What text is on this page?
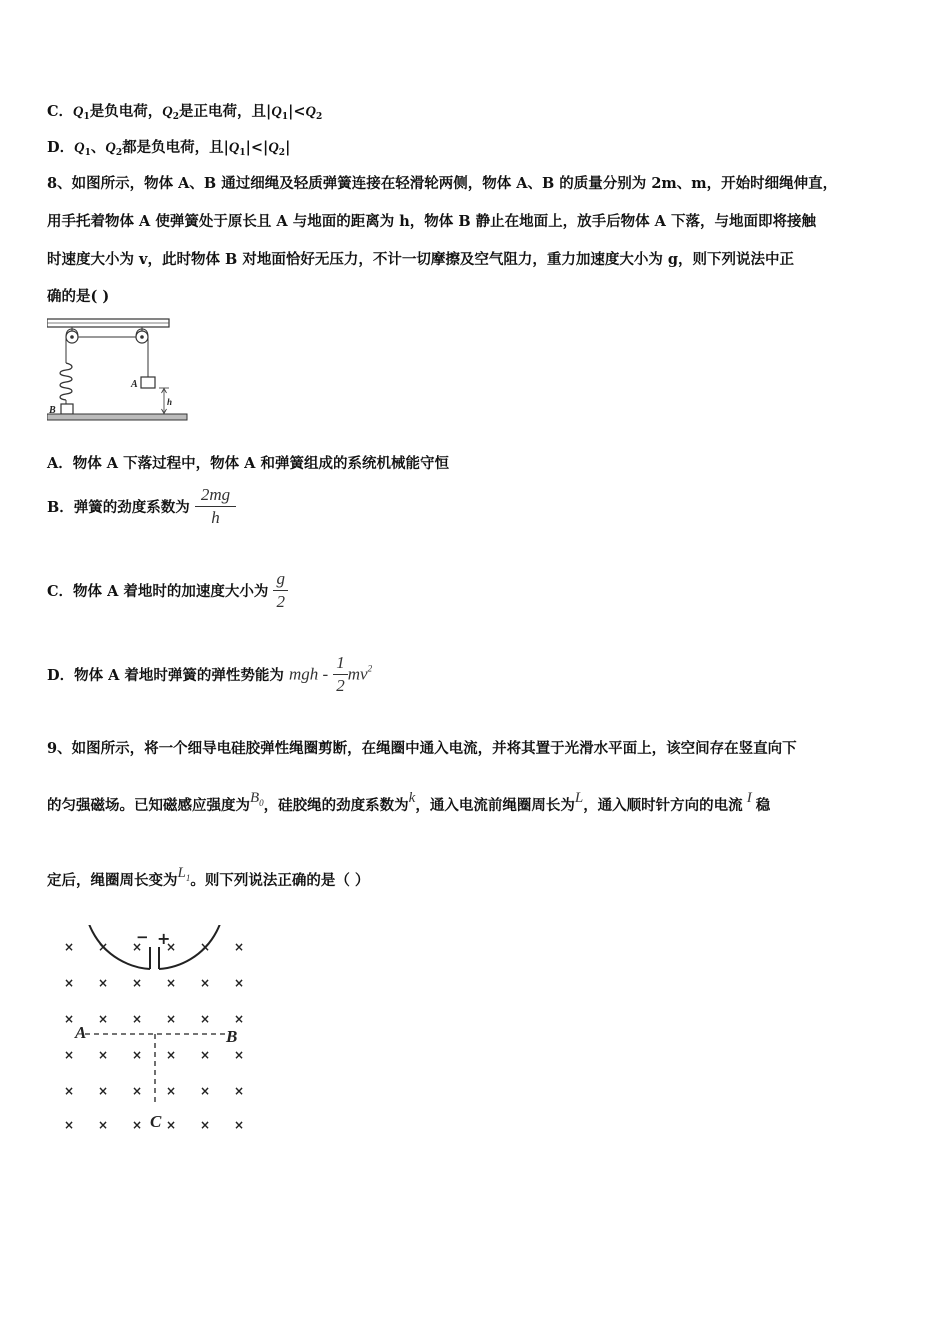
C．$Q_1$是负电荷，$Q_2$是正电荷，且$|Q_1|<Q_2$
D．$Q_1$、$Q_2$都是负电荷，且$|Q_1|<|Q_2|$
8、如图所示，物体 A、B 通过细绳及轻质弹簧连接在轻滑轮两侧，物体 A、B 的质量分别为 2m、m，开始时细绳伸直，
用手托着物体 A 使弹簧处于原长且 A 与地面的距离为 h，物体 B 静止在地面上，放手后物体 A 下落，与地面即将接触
时速度大小为 v，此时物体 B 对地面恰好无压力，不计一切摩擦及空气阻力，重力加速度大小为 g，则下列说法中正
确的是( )
A
B
h
A．物体 A 下落过程中，物体 A 和弹簧组成的系统机械能守恒
B．弹簧的劲度系数为 $\frac{2mg}{h}$
C．物体 A 着地时的加速度大小为 $\frac{g}{2}$
D．物体 A 着地时弹簧的弹性势能为 mgh - $\frac{1}{2} mv^2$
9、如图所示，将一个细导电硅胶弹性绳圈剪断，在绳圈中通入电流，并将其置于光滑水平面上，该空间存在竖直向下
的匀强磁场。已知磁感应强度为$B^0$，硅胶绳的劲度系数为k，通入电流前绳圈周长为L，通入顺时针方向的电流 I 稳
定后，绳圈周长变为$L^1$。则下列说法正确的是（ ）
× ×	× ×
× × × × × ×
× × × × × ×
× × × × × ×
× × × × × ×
× × × × × ×
× ×
− +
A	B
C
